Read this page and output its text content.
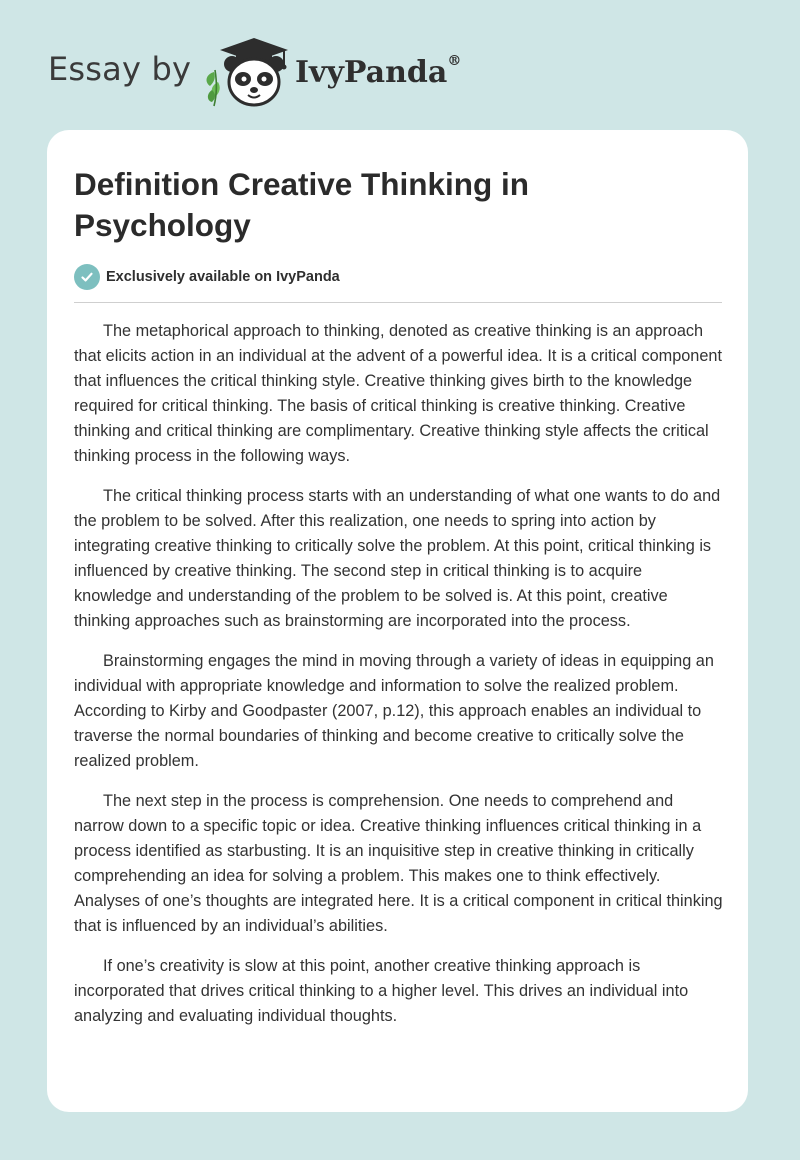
Essay by	IvyPanda®
Definition Creative Thinking in Psychology
Exclusively available on IvyPanda

The metaphorical approach to thinking, denoted as creative thinking is an approach that elicits action in an individual at the advent of a powerful idea. It is a critical component that influences the critical thinking style. Creative thinking gives birth to the knowledge required for critical thinking. The basis of critical thinking is creative thinking. Creative thinking and critical thinking are complimentary. Creative thinking style affects the critical thinking process in the following ways.

The critical thinking process starts with an understanding of what one wants to do and the problem to be solved. After this realization, one needs to spring into action by integrating creative thinking to critically solve the problem. At this point, critical thinking is influenced by creative thinking. The second step in critical thinking is to acquire knowledge and understanding of the problem to be solved is. At this point, creative thinking approaches such as brainstorming are incorporated into the process.

Brainstorming engages the mind in moving through a variety of ideas in equipping an individual with appropriate knowledge and information to solve the realized problem. According to Kirby and Goodpaster (2007, p.12), this approach enables an individual to traverse the normal boundaries of thinking and become creative to critically solve the realized problem.

The next step in the process is comprehension. One needs to comprehend and narrow down to a specific topic or idea. Creative thinking influences critical thinking in a process identified as starbusting. It is an inquisitive step in creative thinking in critically comprehending an idea for solving a problem. This makes one to think effectively. Analyses of one’s thoughts are integrated here. It is a critical component in critical thinking that is influenced by an individual’s abilities.

If one’s creativity is slow at this point, another creative thinking approach is incorporated that drives critical thinking to a higher level. This drives an individual into analyzing and evaluating individual thoughts.
